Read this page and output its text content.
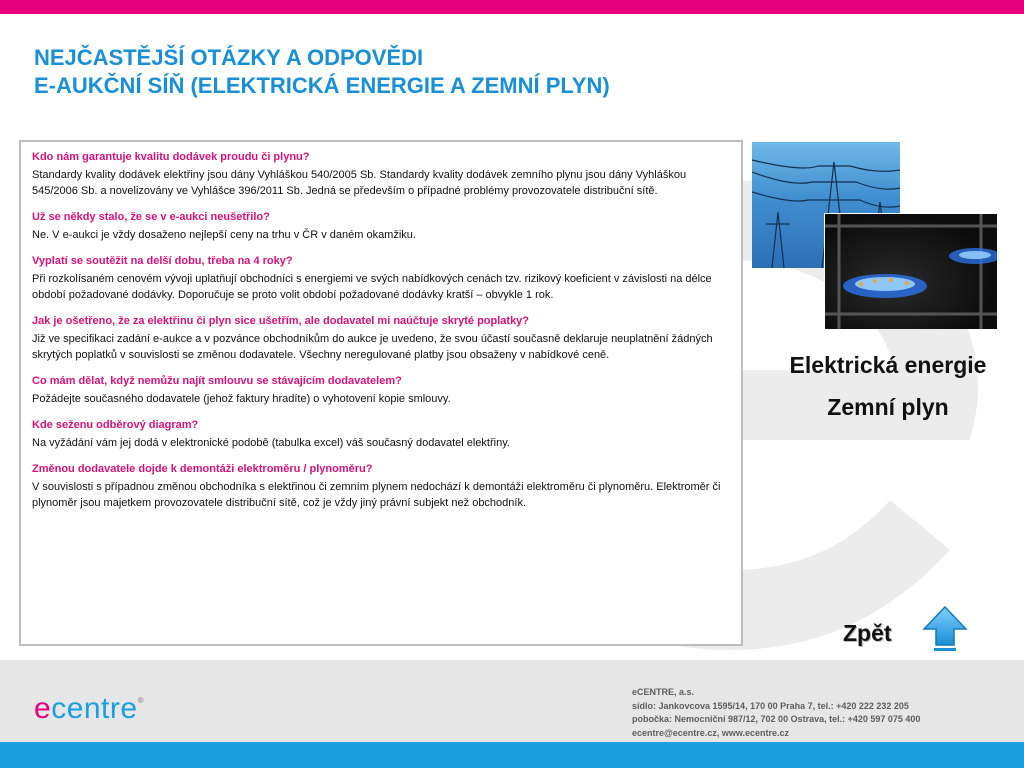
NEJČASTĚJŠÍ OTÁZKY A ODPOVĚDI
E-AUKČNÍ SÍŇ (ELEKTRICKÁ ENERGIE A ZEMNÍ PLYN)

Kdo nám garantuje kvalitu dodávek proudu či plynu?

Standardy kvality dodávek elektřiny jsou dány Vyhláškou 540/2005 Sb. Standardy kvality dodávek zemního plynu jsou dány Vyhláškou 545/2006 Sb. a novelizovány ve Vyhlášce 396/2011 Sb. Jedná se především o případné problémy provozovatele distribuční sítě.

Už se někdy stalo, že se v e-aukci neušetřilo?

Ne. V e-aukci je vždy dosaženo nejlepší ceny na trhu v ČR v daném okamžiku.

Vyplatí se soutěžit na delší dobu, třeba na 4 roky?

Při rozkolísaném cenovém vývoji uplatňují obchodníci s energiemi ve svých nabídkových cenách tzv. rizikový koeficient v závislosti na délce období požadované dodávky. Doporučuje se proto volit období požadované dodávky kratší – obvykle 1 rok.

Jak je ošetřeno, že za elektřinu či plyn sice ušetřím, ale dodavatel mi naúčtuje skryté poplatky?

Již ve specifikaci zadání e-aukce a v pozvánce obchodníkům do aukce je uvedeno, že svou účastí současně deklaruje neuplatnění žádných skrytých poplatků v souvislosti se změnou dodavatele. Všechny neregulované platby jsou obsaženy v nabídkové ceně.

Co mám dělat, když nemůžu najít smlouvu se stávajícím dodavatelem?

Požádejte současného dodavatele (jehož faktury hradíte) o vyhotovení kopie smlouvy.

Kde seženu odběrový diagram?

Na vyžádání vám jej dodá v elektronické podobě (tabulka excel) váš současný dodavatel elektřiny.

Změnou dodavatele dojde k demontáži elektroměru / plynoměru?

V souvislosti s případnou změnou obchodníka s elektřinou či zemním plynem nedochází k demontáži elektroměru či plynoměru. Elektroměr či plynoměr jsou majetkem provozovatele distribuční sítě, což je vždy jiný právní subjekt než obchodník.

Elektrická energie
Zemní plyn
Zpět
ecentre®
eCENTRE, a.s.
sídlo: Jankovcova 1595/14, 170 00 Praha 7, tel.: +420 222 232 205
pobočka: Nemocniční 987/12, 702 00 Ostrava, tel.: +420 597 075 400
ecentre@ecentre.cz, www.ecentre.cz
